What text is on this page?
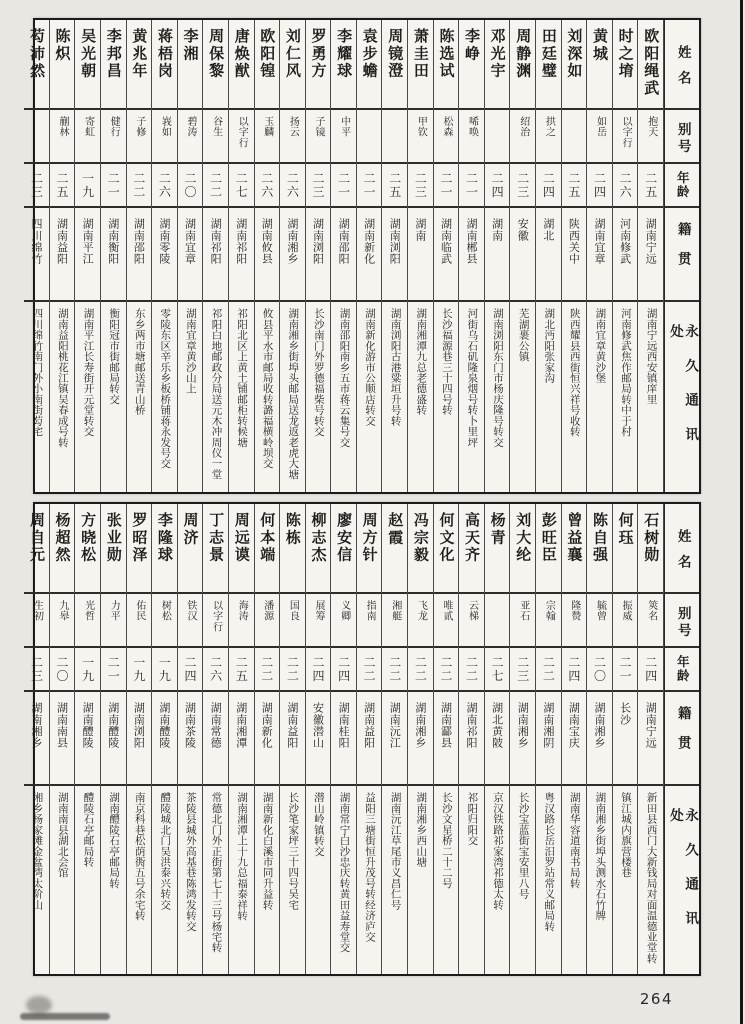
姓名
别号
年龄
籍贯
永久通讯处
欧阳绳武
抱天
二五
湖南宁远
湖南宁远西安镇庠里
时之堉
以字行
二六
河南修武
河南修武焦作邮局转中于村
黄城
如岳
二四
湖南宜章
湖南宜章黄沙堡
刘深如
二五
陕西关中
陕西耀县西街恒兴祥号收转
田廷璧
拱之
二四
湖北
湖北沔阳张家沟
周静渊
绍治
二三
安徽
芜湖裹公镇
邓光宇
二四
湖南
湖南浏阳东门市杨庆隆号转交
李峥
唏唤
二一
湖南郴县
河街乌石矶隆泉烟号转卜里坪
陈选试
松森
二一
湖南临武
长沙福源巷三十四号转
萧圭田
甲钦
二三
湖南
湖南湘潭九总老德盛转
周镜澄
二五
湖南浏阳
湖南浏阳古港粱垣升号转
袁步蟾
二一
湖南新化
湖南新化游市公顺店转交
李耀球
中平
二一
湖南邵阳
湖南邵阳南乡五市蒋云集号交
罗勇方
子镜
二三
湖南浏阳
长沙南门外罗德福柴号转交
刘仁风
扬云
二六
湖南湘乡
湖南湘乡街埠头邮局送龙返老虎大塘
欧阳锽
玉麟
二六
湖南攸县
攸县平水市邮局收转潞福横岭坝交
唐焕猷
以字行
二七
湖南祁阳
祁阳北区上黄土铺邮柜转候塘
周保黎
谷生
二二
湖南祁阳
祁阳白地邮政分局送元木冲周仪一堂
李湘
碧涛
二〇
湖南宜章
湖南宜章黄沙山上
蒋梧岗
峩如
二六
湖南零陵
零陵东区辛乐乡板桥铺蒋永发号交
黄兆年
子修
二二
湖南邵阳
东乡两市塘邮送青山桥
李邦昌
健行
二一
湖南衡阳
衡阳冠市街邮局转交
吴光朝
寄虹
一九
湖南平江
湖南平江长寿街开元堂转交
陈炽
蒯林
二五
湖南益阳
湖南益阳桃花江镇吴春成号转
芶沛然
二三
四川绵竹
四川绵竹南门外小南街芶宅
姓名
别号
年龄
籍贯
永久通讯处
石树勋
筴名
二四
湖南宁远
新田县西门大新钱局对面温德业堂转
何珏
振威
二一
长沙
镇江城内旗营楼巷
陈自强
毓曾
二〇
湖南湘乡
湖南湘乡街埠头测水石竹牌
曾益襄
隆赞
二四
湖南宝庆
湖南华容道南书局转
彭旺臣
宗翰
二二
湖南湘阴
粤汉路长岳汨罗站常义邮局转
刘大纶
亚石
二三
湖南湘乡
长沙宝蓝街宝安里八号
杨青
二七
湖北黄陂
京汉铁路祁家湾祁德太转
高天齐
云梯
二二
湖南祁阳
祁阳归阳交
何文化
唯贰
二二
湖南酃县
长沙文星桥二十二号
冯宗毅
飞龙
二二
湖南湘乡
湖南湘乡西山塘
赵霞
湘艇
二二
湖南沅江
湖南沅江草尾市义昌仁号
周方针
指南
二二
湖南益阳
益阳三塘街恒升茂号转经济庐交
廖安信
义卿
二四
湖南桂阳
湖南常宁白沙忠庆转黄田益寿堂交
柳志杰
展筹
二四
安徽潜山
潜山岭镇转交
陈栋
国良
二二
湖南益阳
长沙笔家坪三十四号吴宅
何本端
潘源
二二
湖南新化
湖南新化白溪市同升益转
周远谟
海涛
二五
湖南湘潭
湖南湘潭上十九总福泰祥转
丁志景
以字行
二六
湖南常德
常德北门外正街第七十三号杨宅转
周济
铁汉
二四
湖南茶陵
茶陵县城外高基巷陈鸿发转交
李隆球
树松
一九
湖南醴陵
醴陵城北门吴洪泰兴转交
罗昭泽
佑民
一九
湖南浏阳
南京科巷松荫衖五号余宅转
张业勋
力平
二一
湖南醴陵
湖南醴陵石亭邮局转
方晓松
光哲
一九
湖南醴陵
醴陵石亭邮局转
杨超然
九皋
二〇
湖南南县
湖南南县湖北会馆
周自元
生初
二三
湖南湘乡
湘乡杨家滩金盆湾太阶山
264
